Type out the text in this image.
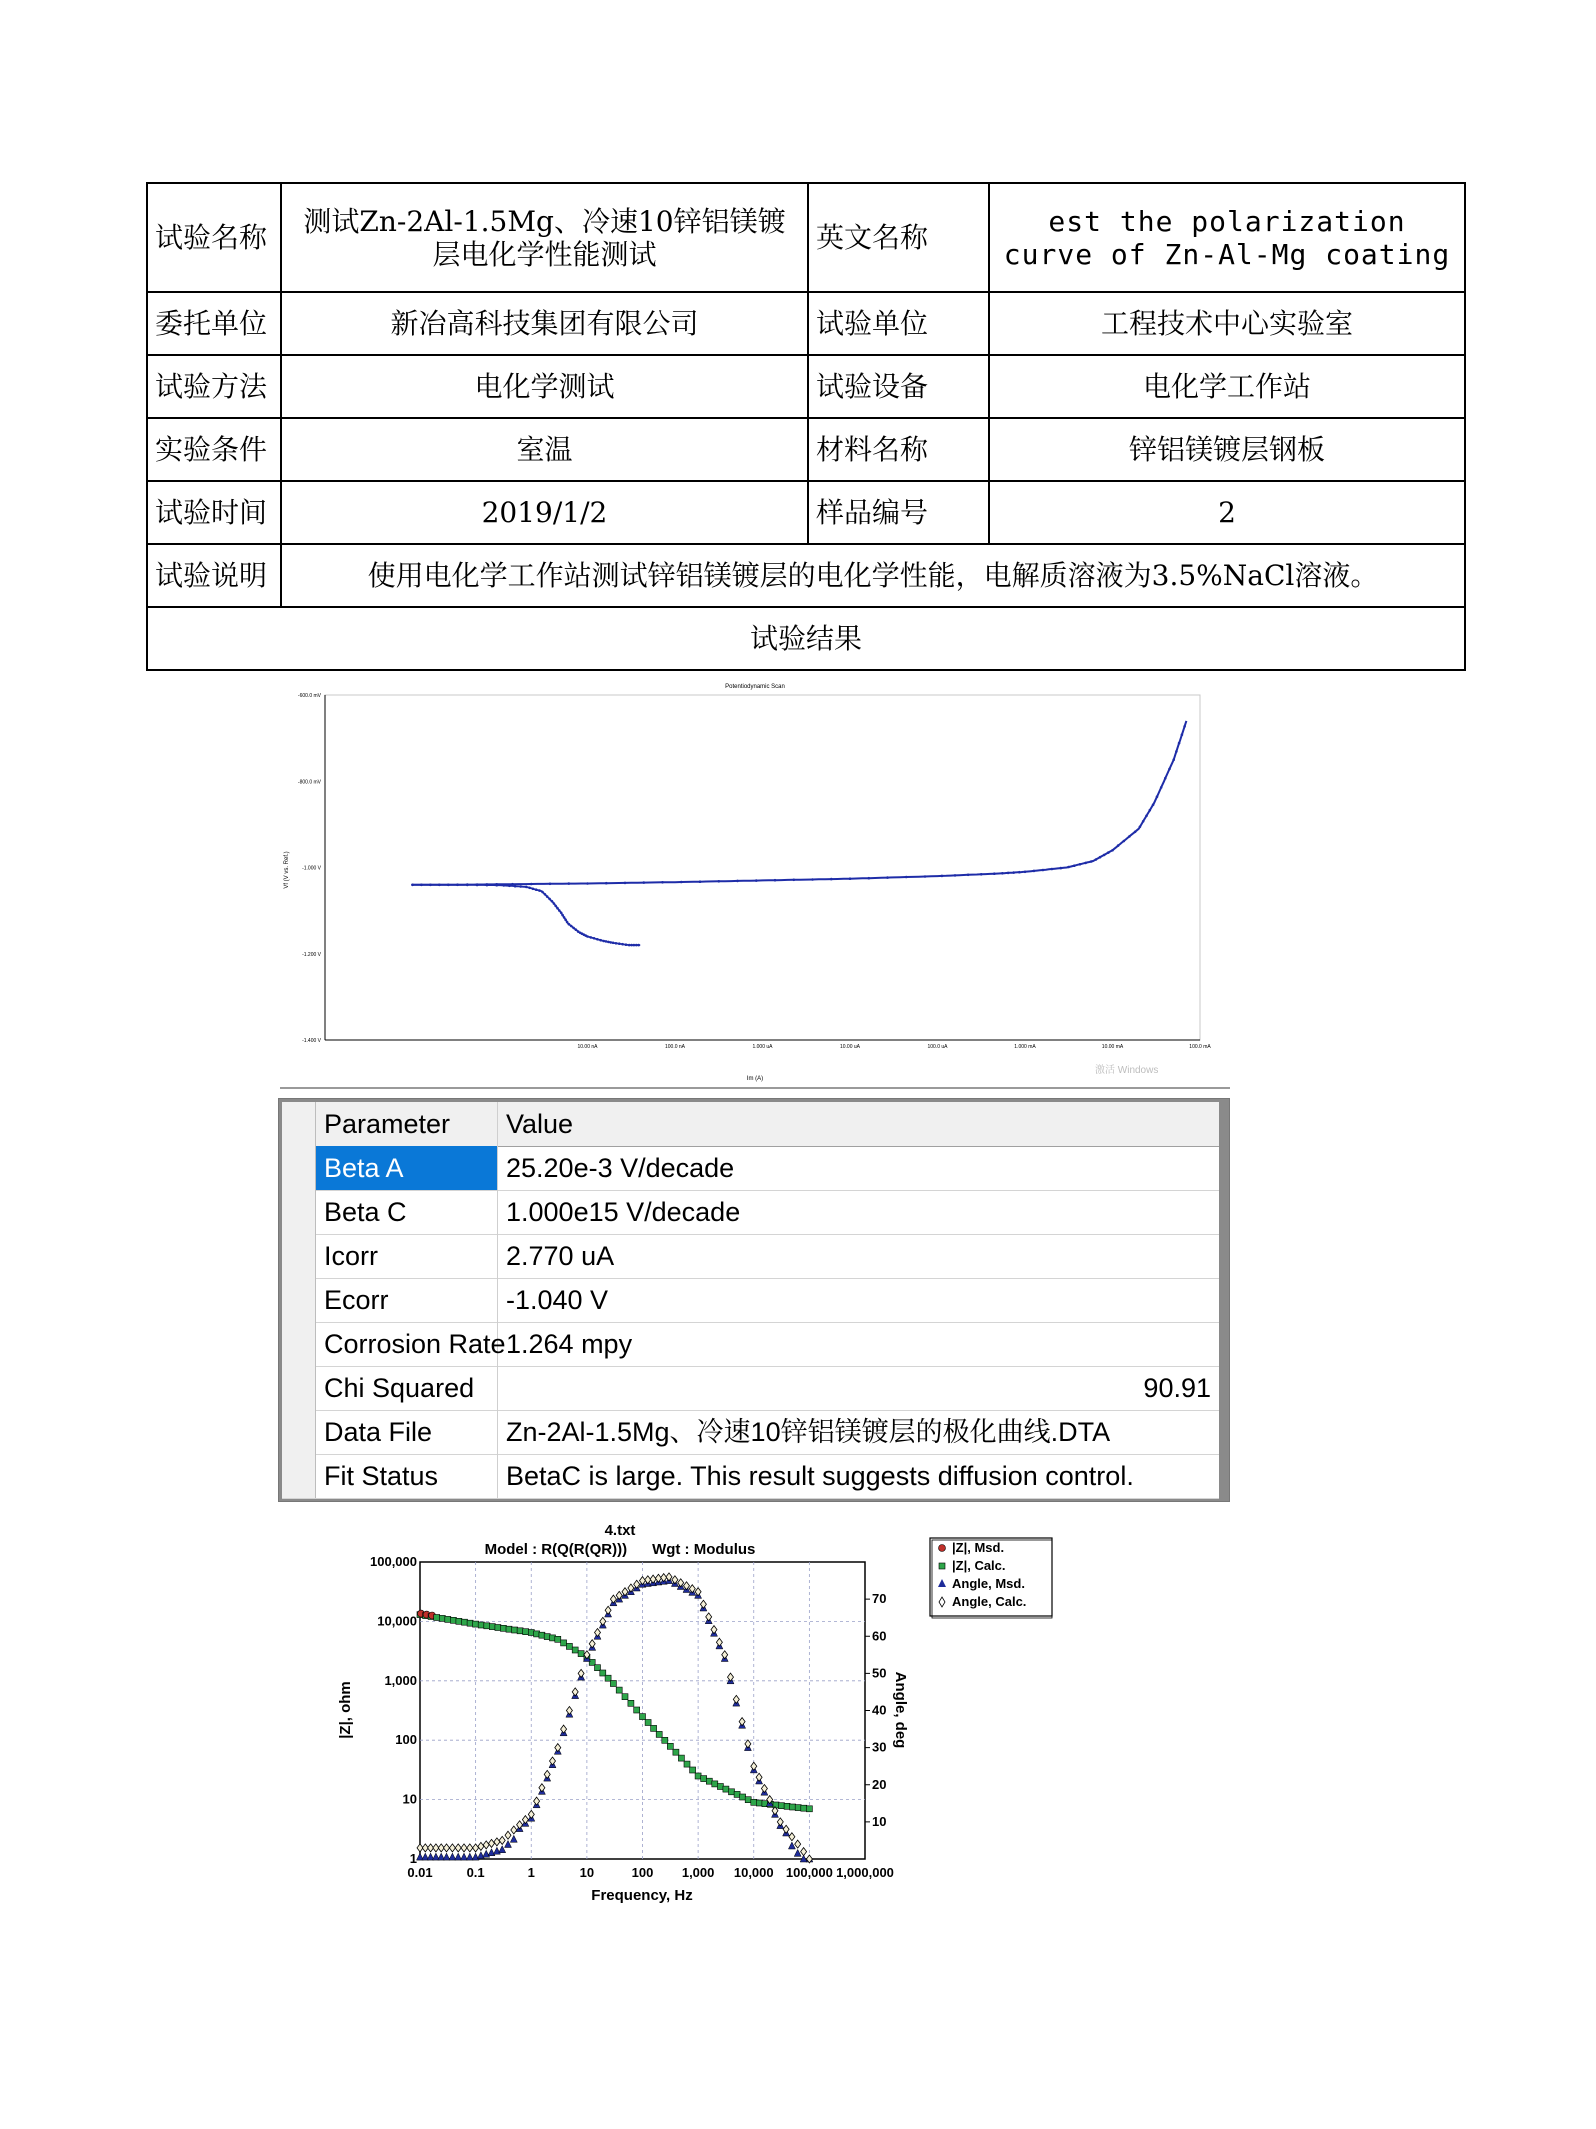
试验名称	测试Zn-2Al-1.5Mg、冷速10锌铝镁镀层电化学性能测试	英文名称	est the polarization curve of Zn-Al-Mg coating
委托单位	新冶高科技集团有限公司	试验单位	工程技术中心实验室
试验方法	电化学测试	试验设备	电化学工作站
实验条件	室温	材料名称	锌铝镁镀层钢板
试验时间	2019/1/2	样品编号	2
试验说明	使用电化学工作站测试锌铝镁镀层的电化学性能，电解质溶液为3.5%NaCl溶液。		
试验结果			
Potentiodynamic Scan
-600.0 mV
-800.0 mV
-1.000 V
-1.200 V
-1.400 V
10.00 nA	100.0 nA	1.000 uA	10.00 uA	100.0 uA	1.000 mA	10.00 mA	100.0 mA
Im (A)
Vf (V vs. Ref.)
激活 Windows
Parameter	Value
Beta A	25.20e-3 V/decade
Beta C	1.000e15 V/decade
Icorr	2.770 uA
Ecorr	-1.040 V
Corrosion Rate 1.264 mpy
Chi Squared	90.91
Data File	Zn-2Al-1.5Mg、冷速10锌铝镁镀层的极化曲线.DTA
Fit Status	BetaC is large. This result suggests diffusion control.
4.txt
Model : R(Q(R(QR)))      Wgt : Modulus
0.01	0.1	1	10	100 1,000 10,000 100,000 1,000,000
1
10
100
1,000
10,000
100,000
10
20
30
40
50
60
70
Frequency, Hz
|Z|, ohm	Angle, deg
|Z|, Msd.
|Z|, Calc.
Angle, Msd.
Angle, Calc.
